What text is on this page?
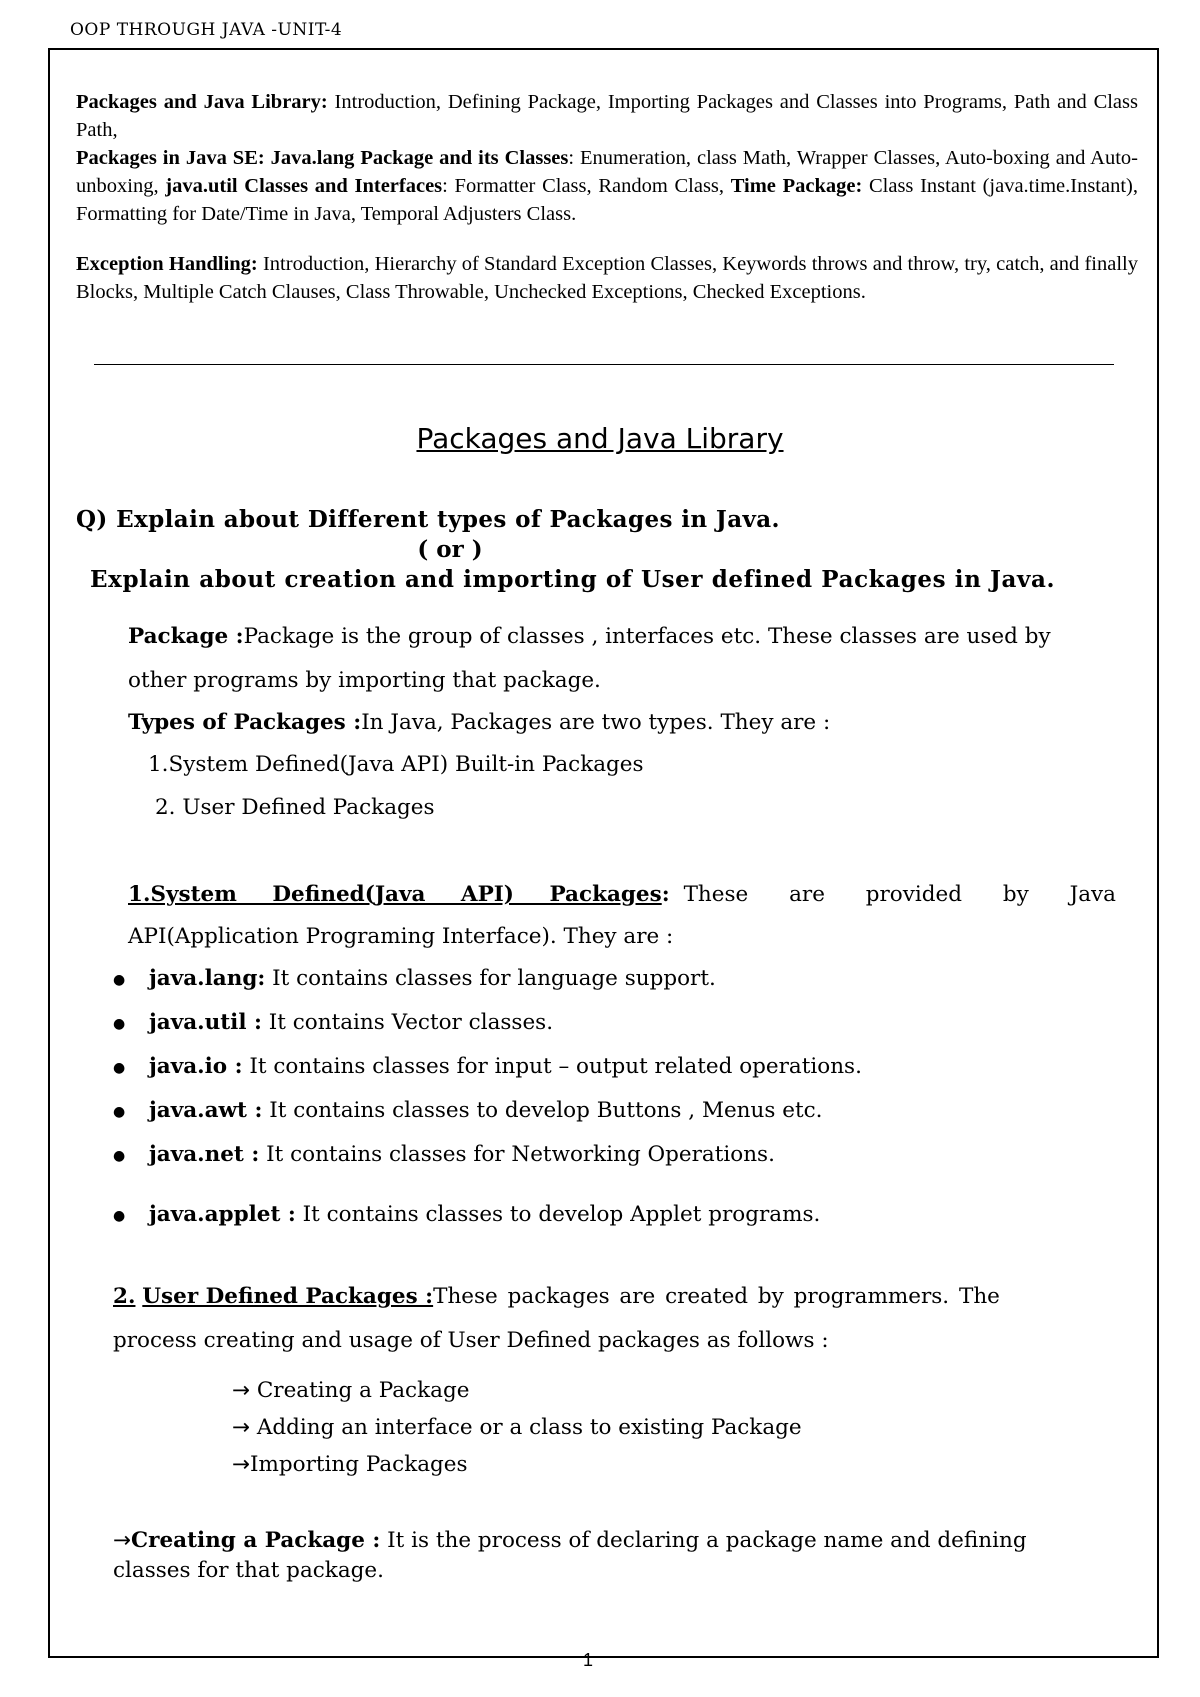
OOP THROUGH JAVA -UNIT-4

Packages and Java Library: Introduction, Defining Package, Importing Packages and Classes into Programs, Path and Class Path,

Packages in Java SE: Java.lang Package and its Classes: Enumeration, class Math, Wrapper Classes, Auto-boxing and Auto-unboxing, java.util Classes and Interfaces: Formatter Class, Random Class, Time Package: Class Instant (java.time.Instant), Formatting for Date/Time in Java, Temporal Adjusters Class.

Exception Handling: Introduction, Hierarchy of Standard Exception Classes, Keywords throws and throw, try, catch, and finally Blocks, Multiple Catch Clauses, Class Throwable, Unchecked Exceptions, Checked Exceptions.

Packages and Java Library
Q) Explain about Different types of Packages in Java.
( or )
Explain about creation and importing of User defined Packages in Java.
Package :Package is the group of classes , interfaces etc. These classes are used by
other programs by importing that package.
Types of Packages :In Java, Packages are two types. They are :
1.System Defined(Java API) Built-in Packages
2. User Defined Packages
1.System Defined(Java API) Packages: These are provided by Java
API(Application Programing Interface). They are :
● java.lang: It contains classes for language support.
● java.util : It contains Vector classes.
● java.io : It contains classes for input – output related operations.
● java.awt : It contains classes to develop Buttons , Menus etc.
● java.net : It contains classes for Networking Operations.
● java.applet : It contains classes to develop Applet programs.
2. User Defined Packages :These packages are created by programmers. The
process creating and usage of User Defined packages as follows :
→ Creating a Package
→ Adding an interface or a class to existing Package
→Importing Packages
→Creating a Package : It is the process of declaring a package name and defining
classes for that package.
1
